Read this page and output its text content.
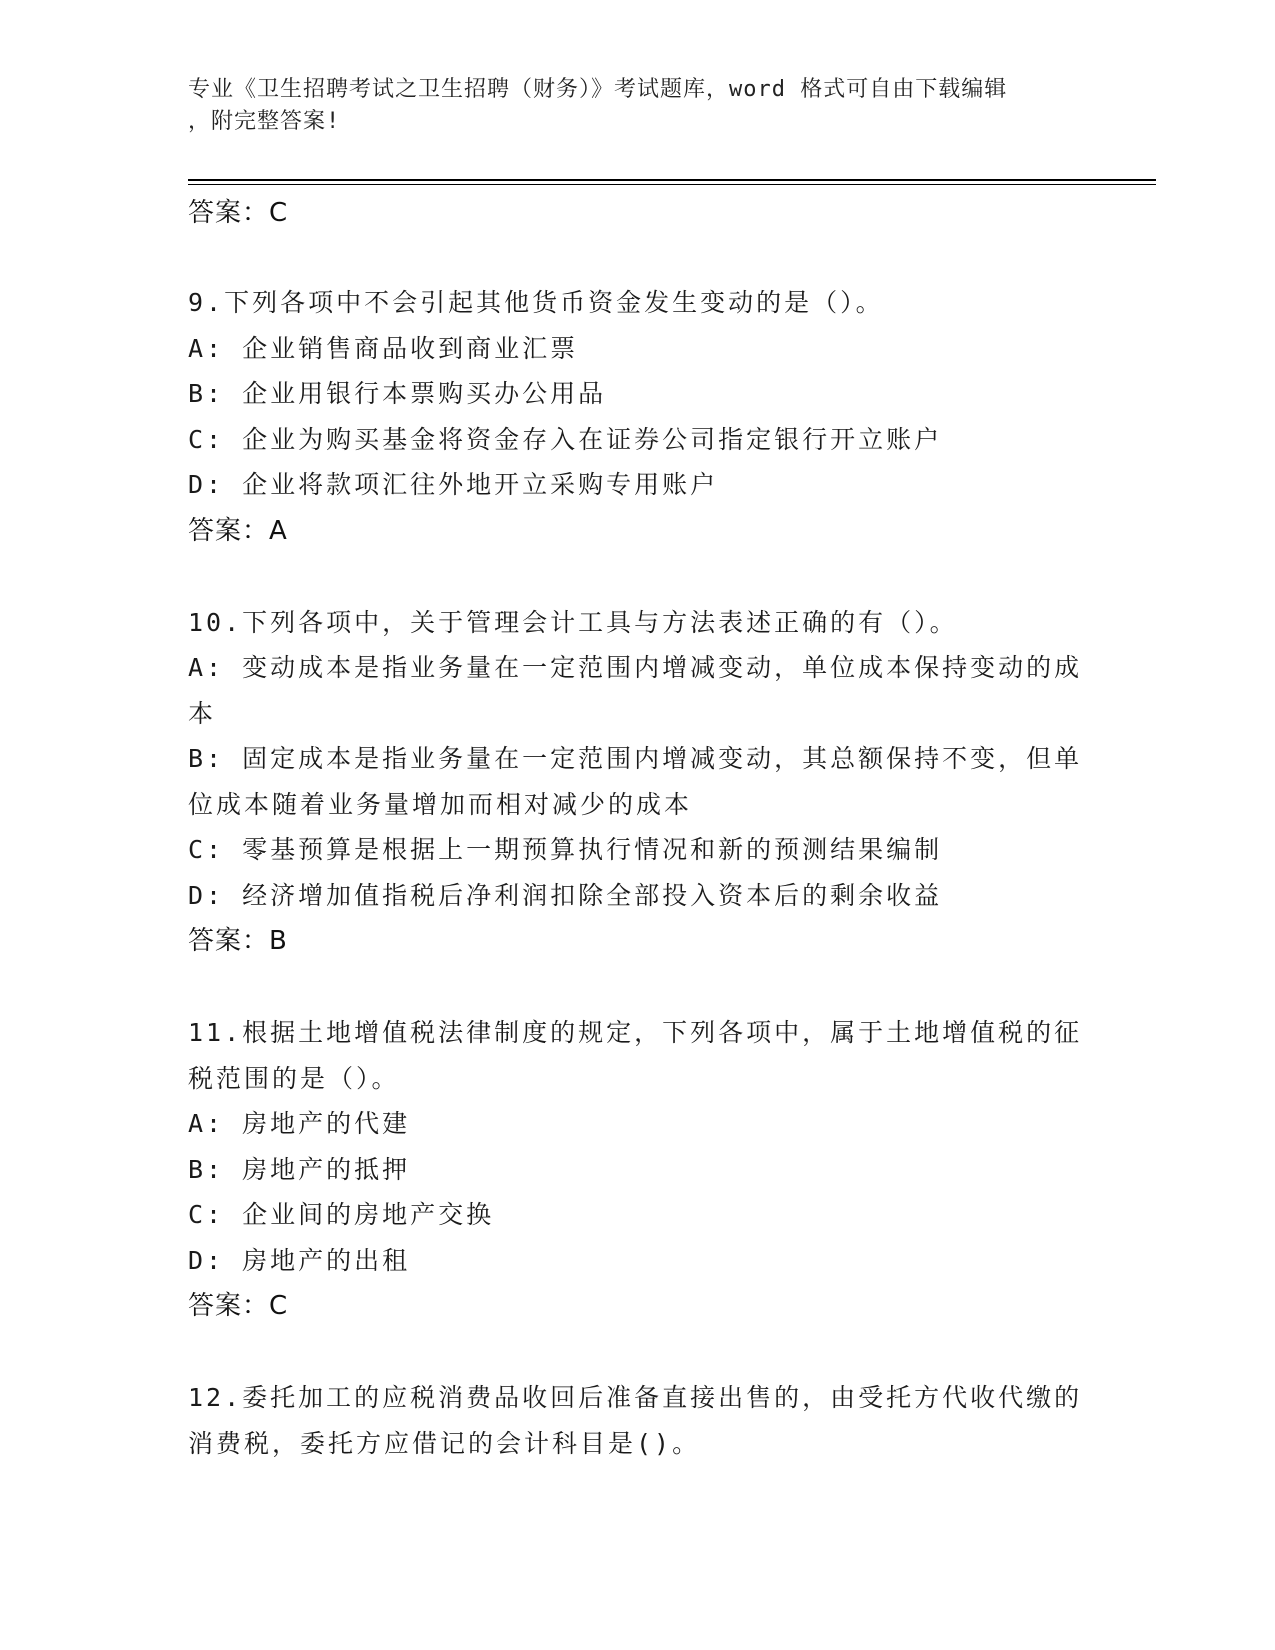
专业《卫生招聘考试之卫生招聘（财务）》考试题库，word 格式可自由下载编辑
，附完整答案!
答案：C
9.下列各项中不会引起其他货币资金发生变动的是（）。
A: 企业销售商品收到商业汇票
B: 企业用银行本票购买办公用品
C: 企业为购买基金将资金存入在证券公司指定银行开立账户
D: 企业将款项汇往外地开立采购专用账户
答案：A
10.下列各项中，关于管理会计工具与方法表述正确的有（）。
A: 变动成本是指业务量在一定范围内增减变动，单位成本保持变动的成本
B: 固定成本是指业务量在一定范围内增减变动，其总额保持不变，但单位成本随着业务量增加而相对减少的成本
C: 零基预算是根据上一期预算执行情况和新的预测结果编制
D: 经济增加值指税后净利润扣除全部投入资本后的剩余收益
答案：B
11.根据土地增值税法律制度的规定，下列各项中，属于土地增值税的征税范围的是（）。
A: 房地产的代建
B: 房地产的抵押
C: 企业间的房地产交换
D: 房地产的出租
答案：C
12.委托加工的应税消费品收回后准备直接出售的，由受托方代收代缴的消费税，委托方应借记的会计科目是()。
